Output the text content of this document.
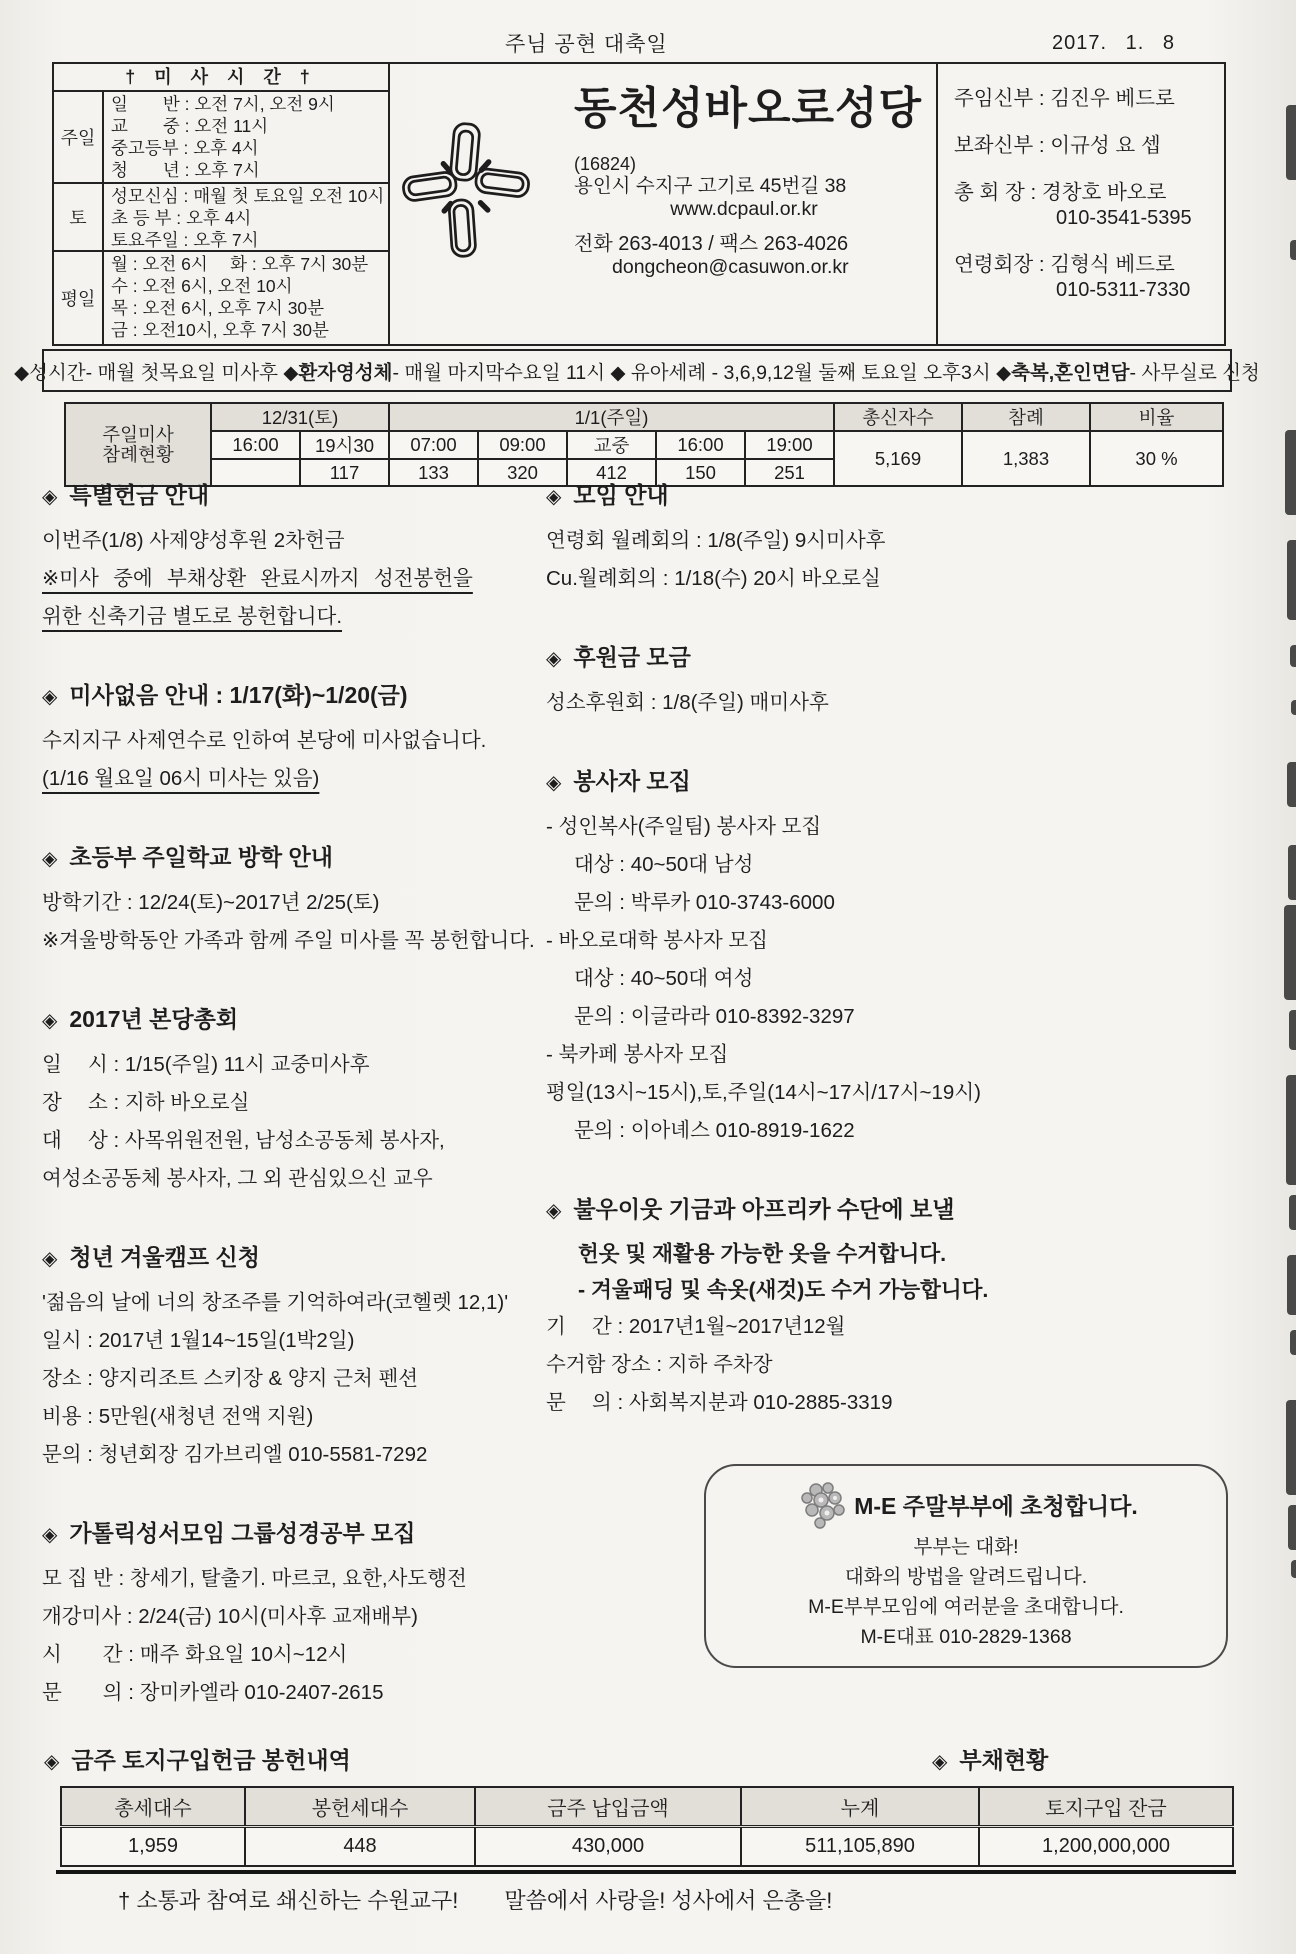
주님 공현 대축일	2017. 1. 8
† 미 사 시 간 †
주일
일　　반 : 오전 7시, 오전 9시
교　　중 : 오전 11시
중고등부 : 오후 4시
청　　년 : 오후 7시
토
성모신심 : 매월 첫 토요일 오전 10시
초 등 부 : 오후 4시
토요주일 : 오후 7시
평일
월 : 오전 6시　 화 : 오후 7시 30분
수 : 오전 6시, 오전 10시
목 : 오전 6시, 오후 7시 30분
금 : 오전10시, 오후 7시 30분
동천성바오로성당
(16824)
용인시 수지구 고기로 45번길 38
www.dcpaul.or.kr
전화 263-4013 / 팩스 263-4026
dongcheon@casuwon.or.kr
주임신부 : 김진우 베드로
보좌신부 : 이규성 요 셉
총 회 장 : 경창호 바오로
010-3541-5395
연령회장 : 김형식 베드로
010-5311-7330
◆성시간- 매월 첫목요일 미사후 ◆ 환자영성체 - 매월 마지막수요일 11시 ◆ 유아세례 - 3,6,9,12월 둘째 토요일 오후3시 ◆ 축복,혼인면담 - 사무실로 신청
주일미사
참례현황	12/31(토)		1/1(주일)					총신자수	참례	비율
	16:00	19시30	07:00	09:00	교중	16:00	19:00	5,169	1,383	30 %
		117	133	320	412	150	251			
◈ 특별헌금 안내
이번주(1/8) 사제양성후원 2차헌금
※미사 중에 부채상환 완료시까지 성전봉헌을
위한 신축기금 별도로 봉헌합니다.
◈ 미사없음 안내 : 1/17(화)~1/20(금)
수지지구 사제연수로 인하여 본당에 미사없습니다.
(1/16 월요일 06시 미사는 있음)
◈ 초등부 주일학교 방학 안내
방학기간 : 12/24(토)~2017년 2/25(토)
※겨울방학동안 가족과 함께 주일 미사를 꼭 봉헌합니다.
◈ 2017년 본당총회
일　 시 : 1/15(주일) 11시 교중미사후
장　 소 : 지하 바오로실
대　 상 : 사목위원전원, 남성소공동체 봉사자,
여성소공동체 봉사자, 그 외 관심있으신 교우
◈ 청년 겨울캠프 신청
'젊음의 날에 너의 창조주를 기억하여라(코헬렛 12,1)'
일시 : 2017년 1월14~15일(1박2일)
장소 : 양지리조트 스키장 & 양지 근처 펜션
비용 : 5만원(새청년 전액 지원)
문의 : 청년회장 김가브리엘 010-5581-7292
◈ 가톨릭성서모임 그룹성경공부 모집
모 집 반 : 창세기, 탈출기. 마르코, 요한,사도행전
개강미사 : 2/24(금) 10시(미사후 교재배부)
시　　간 : 매주 화요일 10시~12시
문　　의 : 장미카엘라 010-2407-2615
◈ 모임 안내
연령회 월례회의 : 1/8(주일) 9시미사후
Cu.월례회의 : 1/18(수) 20시 바오로실
◈ 후원금 모금
성소후원회 : 1/8(주일) 매미사후
◈ 봉사자 모집
- 성인복사(주일팀) 봉사자 모집
대상 : 40~50대 남성
문의 : 박루카 010-3743-6000
- 바오로대학 봉사자 모집
대상 : 40~50대 여성
문의 : 이글라라 010-8392-3297
- 북카페 봉사자 모집
평일(13시~15시),토,주일(14시~17시/17시~19시)
문의 : 이아녜스 010-8919-1622
◈ 불우이웃 기금과 아프리카 수단에 보낼
헌옷 및 재활용 가능한 옷을 수거합니다.
- 겨울패딩 및 속옷(새것)도 수거 가능합니다.
기　 간 : 2017년1월~2017년12월
수거함 장소 : 지하 주차장
문　 의 : 사회복지분과 010-2885-3319
M-E 주말부부에 초청합니다.
부부는 대화!
대화의 방법을 알려드립니다.
M-E부부모임에 여러분을 초대합니다.
M-E대표 010-2829-1368
◈ 금주 토지구입헌금 봉헌내역	◈ 부채현황
총세대수	봉헌세대수	금주 납입금액	누계	토지구입 잔금
1,959	448	430,000	511,105,890	1,200,000,000
† 소통과 참여로 쇄신하는 수원교구! 말씀에서 사랑을! 성사에서 은총을!
